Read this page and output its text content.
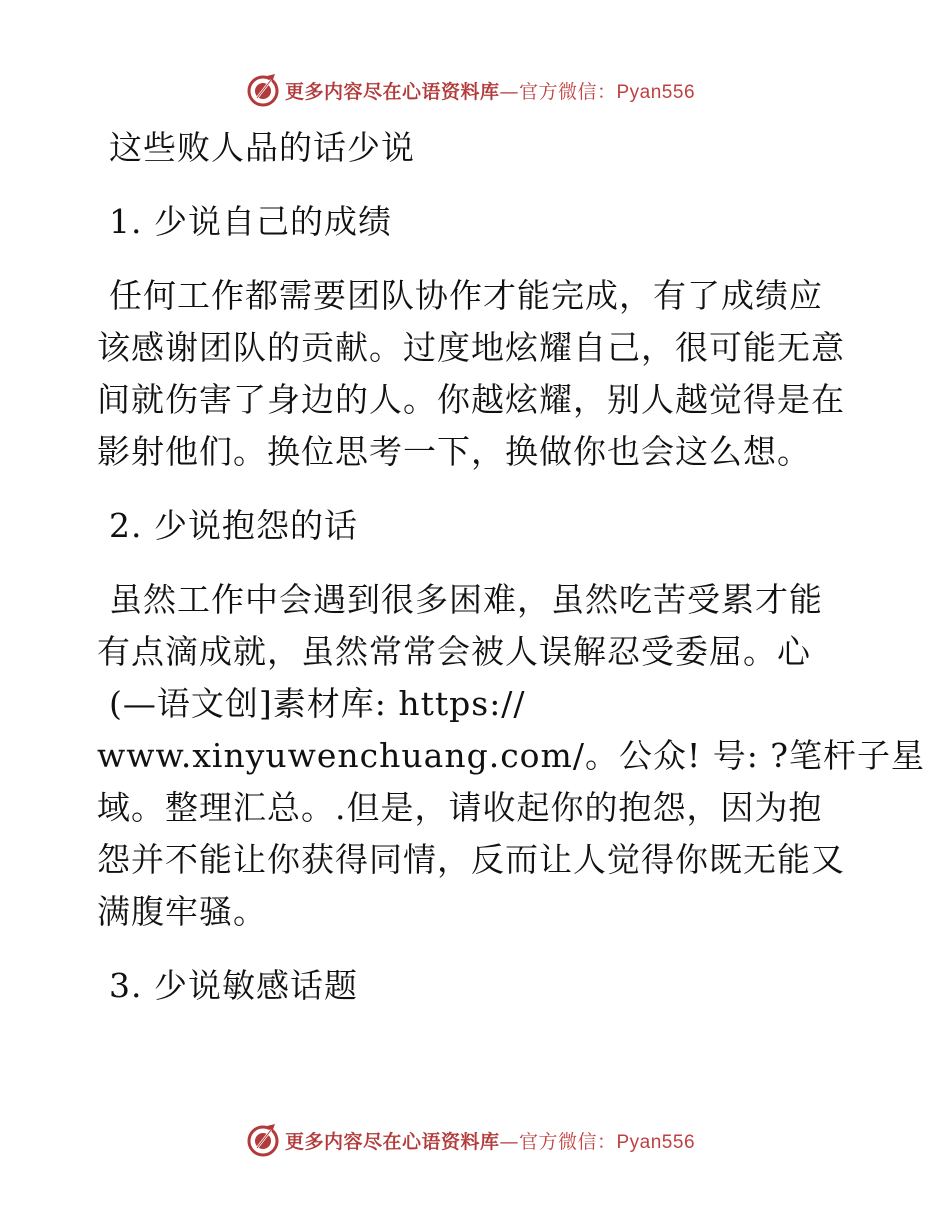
更多内容尽在心语资料库—官方微信：Pyan556
这些败人品的话少说
1. 少说自己的成绩
任何工作都需要团队协作才能完成，有了成绩应
该感谢团队的贡献。过度地炫耀自己，很可能无意
间就伤害了身边的人。你越炫耀，别人越觉得是在
影射他们。换位思考一下，换做你也会这么想。
2. 少说抱怨的话
虽然工作中会遇到很多困难，虽然吃苦受累才能
有点滴成就，虽然常常会被人误解忍受委屈。心
(—语文创]素材库: https://
www.xinyuwenchuang.com/。公众! 号: ?笔杆子星
域。整理汇总。.但是，请收起你的抱怨，因为抱
怨并不能让你获得同情，反而让人觉得你既无能又
满腹牢骚。
3. 少说敏感话题
更多内容尽在心语资料库—官方微信：Pyan556
